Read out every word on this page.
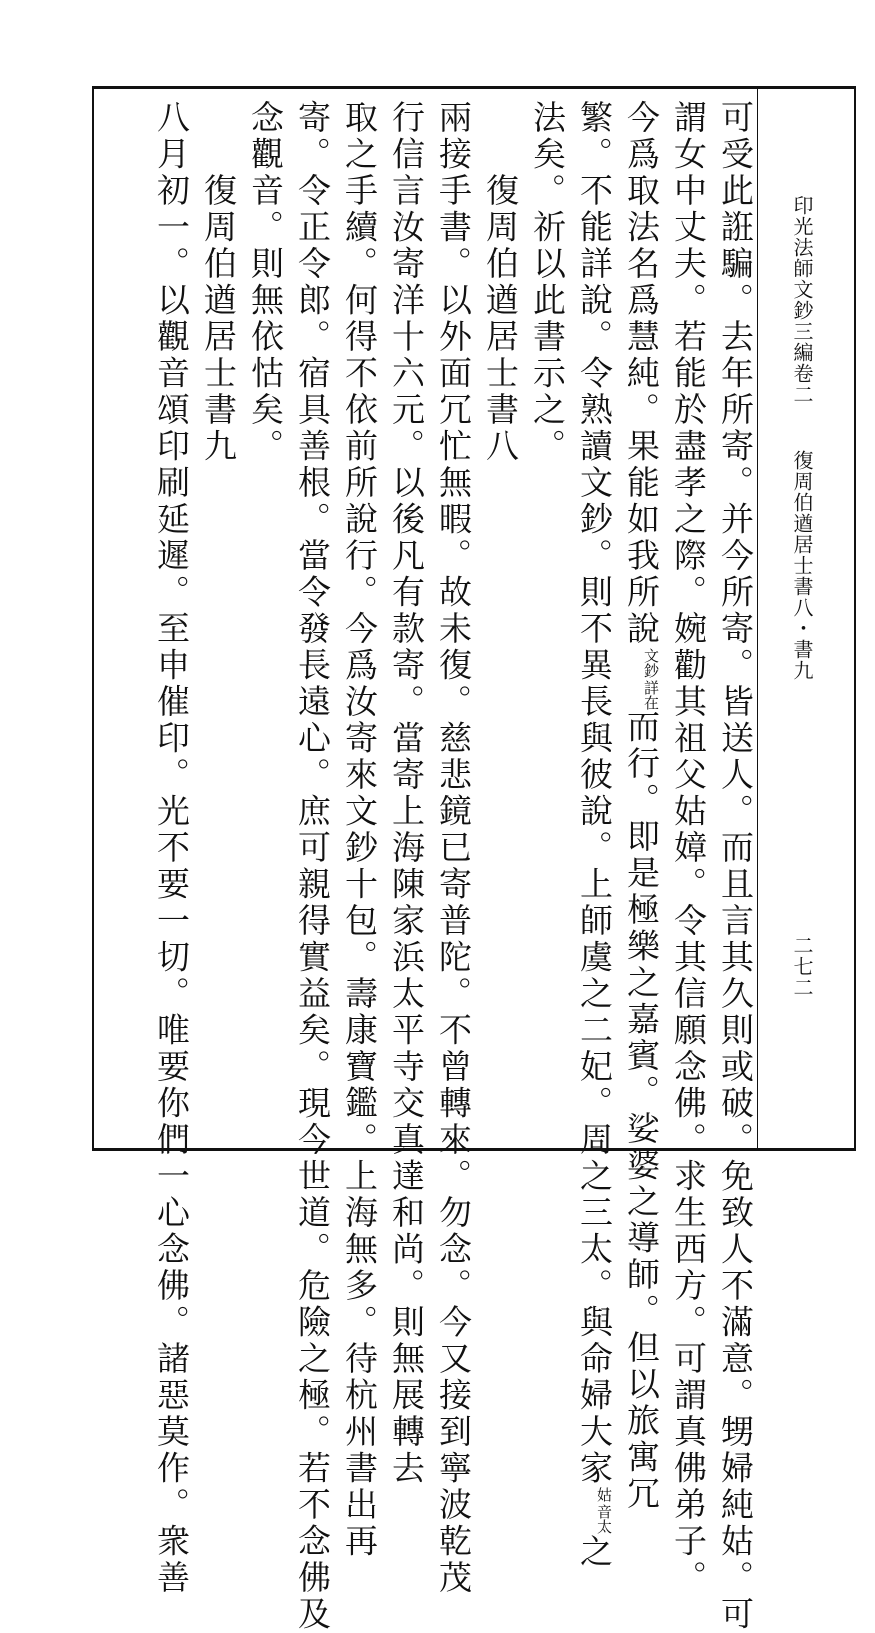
印光法師文鈔三編卷二
復周伯遒居士書八・書九
二七二
可受此誑騙。去年所寄。并今所寄。皆送人。而且言其久則或破。免致人不滿意。甥婦純姑。可
謂女中丈夫。若能於盡孝之際。婉勸其祖父姑嫜。令其信願念佛。求生西方。可謂真佛弟子。
今爲取法名爲慧純。果能如我所說
詳在
文鈔
而行。即是極樂之嘉賓。娑婆之導師。但以旅寓冗
繁。不能詳說。令熟讀文鈔。則不異長與彼說。上師虞之二妃。周之三太。與命婦大家
音太
姑
之
法矣。祈以此書示之。
　　復周伯遒居士書八
兩接手書。以外面冗忙無暇。故未復。慈悲鏡已寄普陀。不曾轉來。勿念。今又接到寧波乾茂
行信言汝寄洋十六元。以後凡有款寄。當寄上海陳家浜太平寺交真達和尚。則無展轉去
取之手續。何得不依前所說行。今爲汝寄來文鈔十包。壽康寶鑑。上海無多。待杭州書出再
寄。令正令郎。宿具善根。當令發長遠心。庶可親得實益矣。現今世道。危險之極。若不念佛及
念觀音。則無依怙矣。
　　復周伯遒居士書九
八月初一。以觀音頌印刷延遲。至申催印。光不要一切。唯要你們一心念佛。諸惡莫作。衆善
